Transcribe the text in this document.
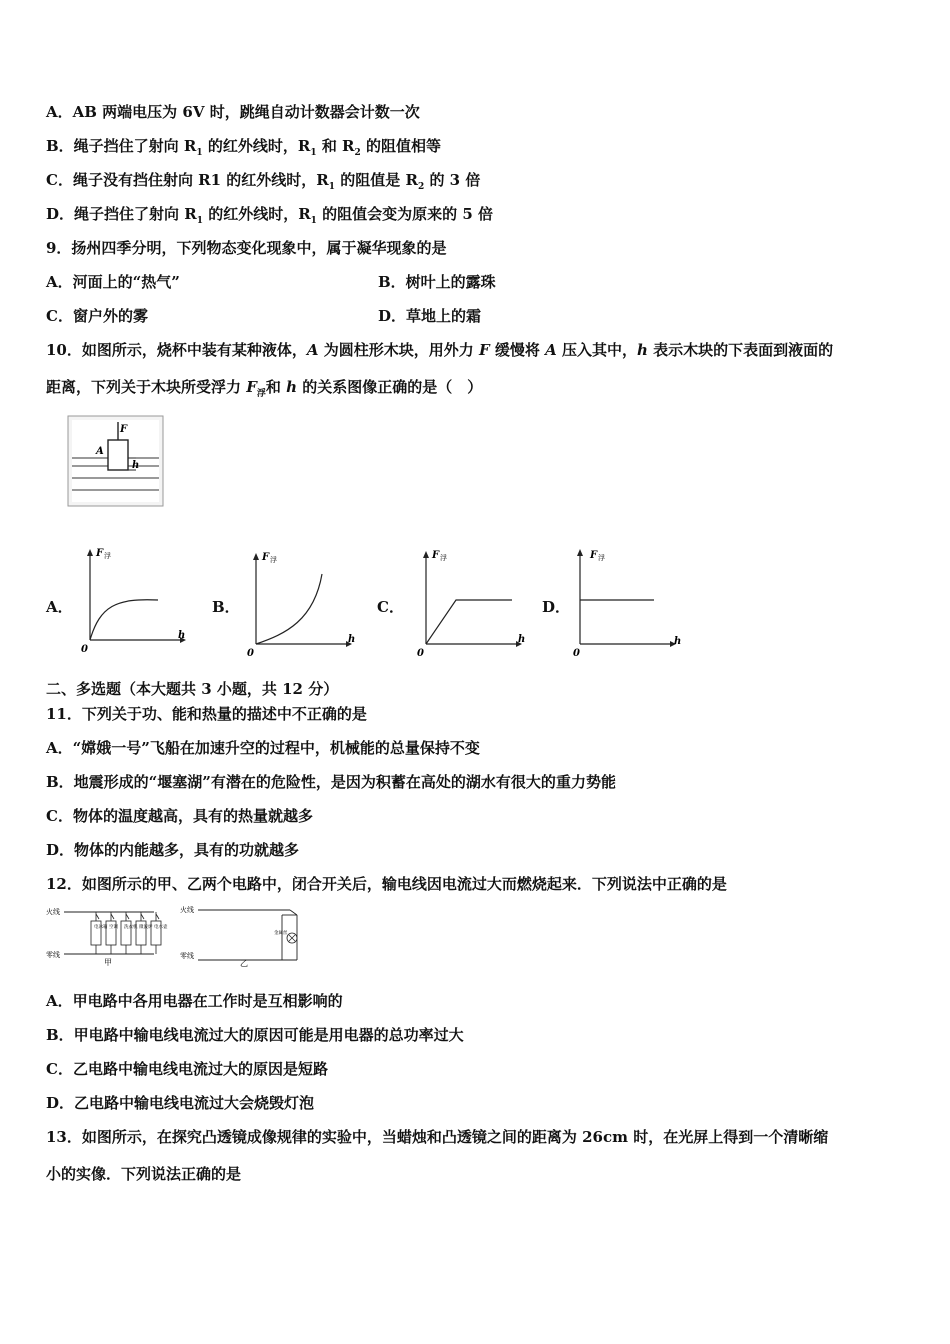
A．AB 两端电压为 6V 时，跳绳自动计数器会计数一次
B．绳子挡住了射向 $R_1$ 的红外线时，$R_1$ 和 $R_2$ 的阻值相等
C．绳子没有挡住射向 R1 的红外线时，$R_1$ 的阻值是 $R_2$ 的 3 倍
D．绳子挡住了射向 $R_1$ 的红外线时，$R_1$ 的阻值会变为原来的 5 倍
9．扬州四季分明，下列物态变化现象中，属于凝华现象的是
A．河面上的“热气”	B．树叶上的露珠
C．窗户外的雾	D．草地上的霜
10．如图所示，烧杯中装有某种液体，A 为圆柱形木块，用外力 F 缓慢将 A 压入其中，h 表示木块的下表面到液面的
距离，下列关于木块所受浮力 $F_浮$和 h 的关系图像正确的是（　）
F
A
h
A．	B．	C．	D．
F 浮
h
0
F 浮
h
0
F 浮
h
0
F 浮
h
0
二、多选题（本大题共 3 小题，共 12 分）
11．下列关于功、能和热量的描述中不正确的是
A．“嫦娥一号”飞船在加速升空的过程中，机械能的总量保持不变
B．地震形成的“堰塞湖”有潜在的危险性，是因为积蓄在高处的湖水有很大的重力势能
C．物体的温度越高，具有的热量就越多
D．物体的内能越多，具有的功就越多
12．如图所示的甲、乙两个电路中，闭合开关后，输电线因电流过大而燃烧起来．下列说法中正确的是
火线
零线
电冰箱 空调 洗衣机 微波炉 电水壶
甲
火线
零线
金属丝
乙
A．甲电路中各用电器在工作时是互相影响的
B．甲电路中输电线电流过大的原因可能是用电器的总功率过大
C．乙电路中输电线电流过大的原因是短路
D．乙电路中输电线电流过大会烧毁灯泡
13．如图所示，在探究凸透镜成像规律的实验中，当蜡烛和凸透镜之间的距离为 26cm 时，在光屏上得到一个清晰缩
小的实像．下列说法正确的是
